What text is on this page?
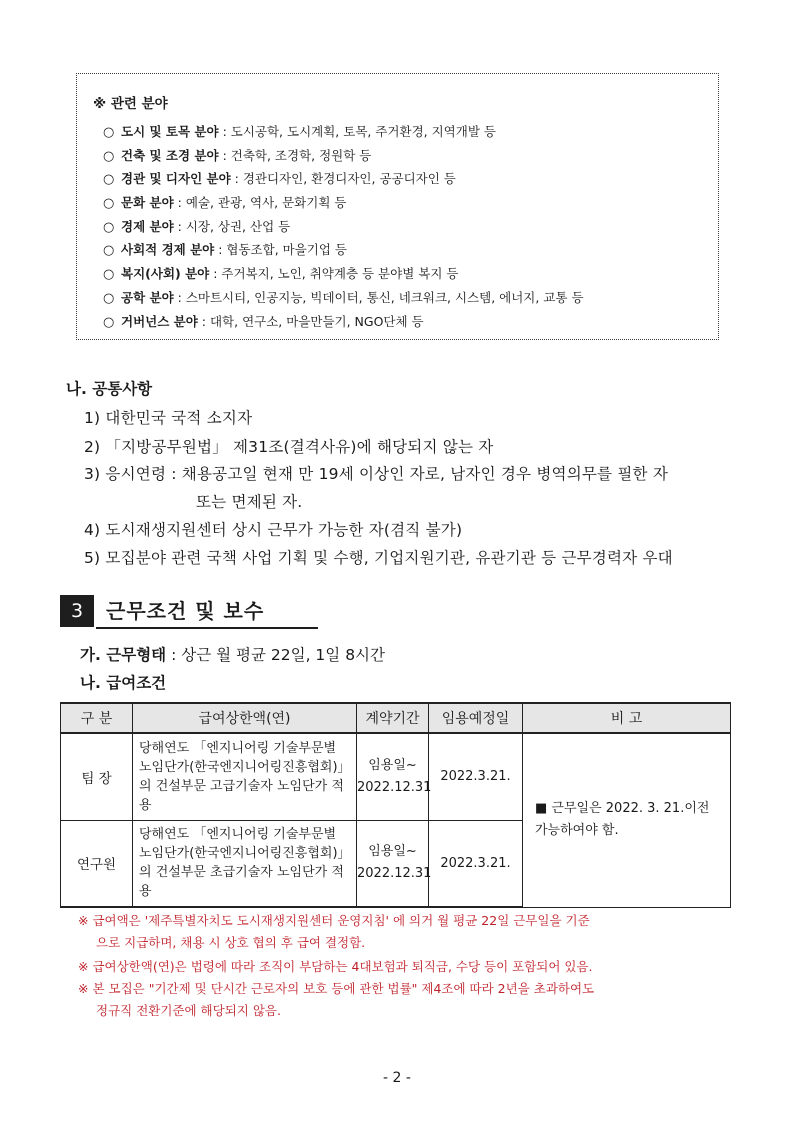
※ 관련 분야
○ 도시 및 토목 분야 : 도시공학, 도시계획, 토목, 주거환경, 지역개발 등
○ 건축 및 조경 분야 : 건축학, 조경학, 정원학 등
○ 경관 및 디자인 분야 : 경관디자인, 환경디자인, 공공디자인 등
○ 문화 분야 : 예술, 관광, 역사, 문화기획 등
○ 경제 분야 : 시장, 상권, 산업 등
○ 사회적 경제 분야 : 협동조합, 마을기업 등
○ 복지(사회) 분야 : 주거복지, 노인, 취약계층 등 분야별 복지 등
○ 공학 분야 : 스마트시티, 인공지능, 빅데이터, 통신, 네크워크, 시스템, 에너지, 교통 등
○ 거버넌스 분야 : 대학, 연구소, 마을만들기, NGO단체 등
나. 공통사항
1) 대한민국 국적 소지자
2) 「지방공무원법」 제31조(결격사유)에 해당되지 않는 자
3) 응시연령 : 채용공고일 현재 만 19세 이상인 자로, 남자인 경우 병역의무를 필한 자
또는 면제된 자.
4) 도시재생지원센터 상시 근무가 가능한 자(겸직 불가)
5) 모집분야 관련 국책 사업 기획 및 수행, 기업지원기관, 유관기관 등 근무경력자 우대
3	근무조건 및 보수
가. 근무형태 : 상근 월 평균 22일, 1일 8시간
나. 급여조건
구 분	급여상한액(연)	계약기간	임용예정일	비 고
팀 장	당해연도 「엔지니어링 기술부문별 노임단가(한국엔지니어링진흥협회)」의 건설부문 고급기술자 노임단가 적용	임용일~
2022.12.31	2022.3.21.	■ 근무일은 2022. 3. 21.이전 가능하여야 함.
연구원	당해연도 「엔지니어링 기술부문별 노임단가(한국엔지니어링진흥협회)」의 건설부문 초급기술자 노임단가 적용	임용일~
2022.12.31	2022.3.21.	
※ 급여액은 '제주특별자치도 도시재생지원센터 운영지침' 에 의거 월 평균 22일 근무일을 기준
으로 지급하며, 채용 시 상호 협의 후 급여 결정함.
※ 급여상한액(연)은 법령에 따라 조직이 부담하는 4대보험과 퇴직금, 수당 등이 포함되어 있음.
※ 본 모집은 "기간제 및 단시간 근로자의 보호 등에 관한 법률" 제4조에 따라 2년을 초과하여도
정규직 전환기준에 해당되지 않음.
- 2 -
